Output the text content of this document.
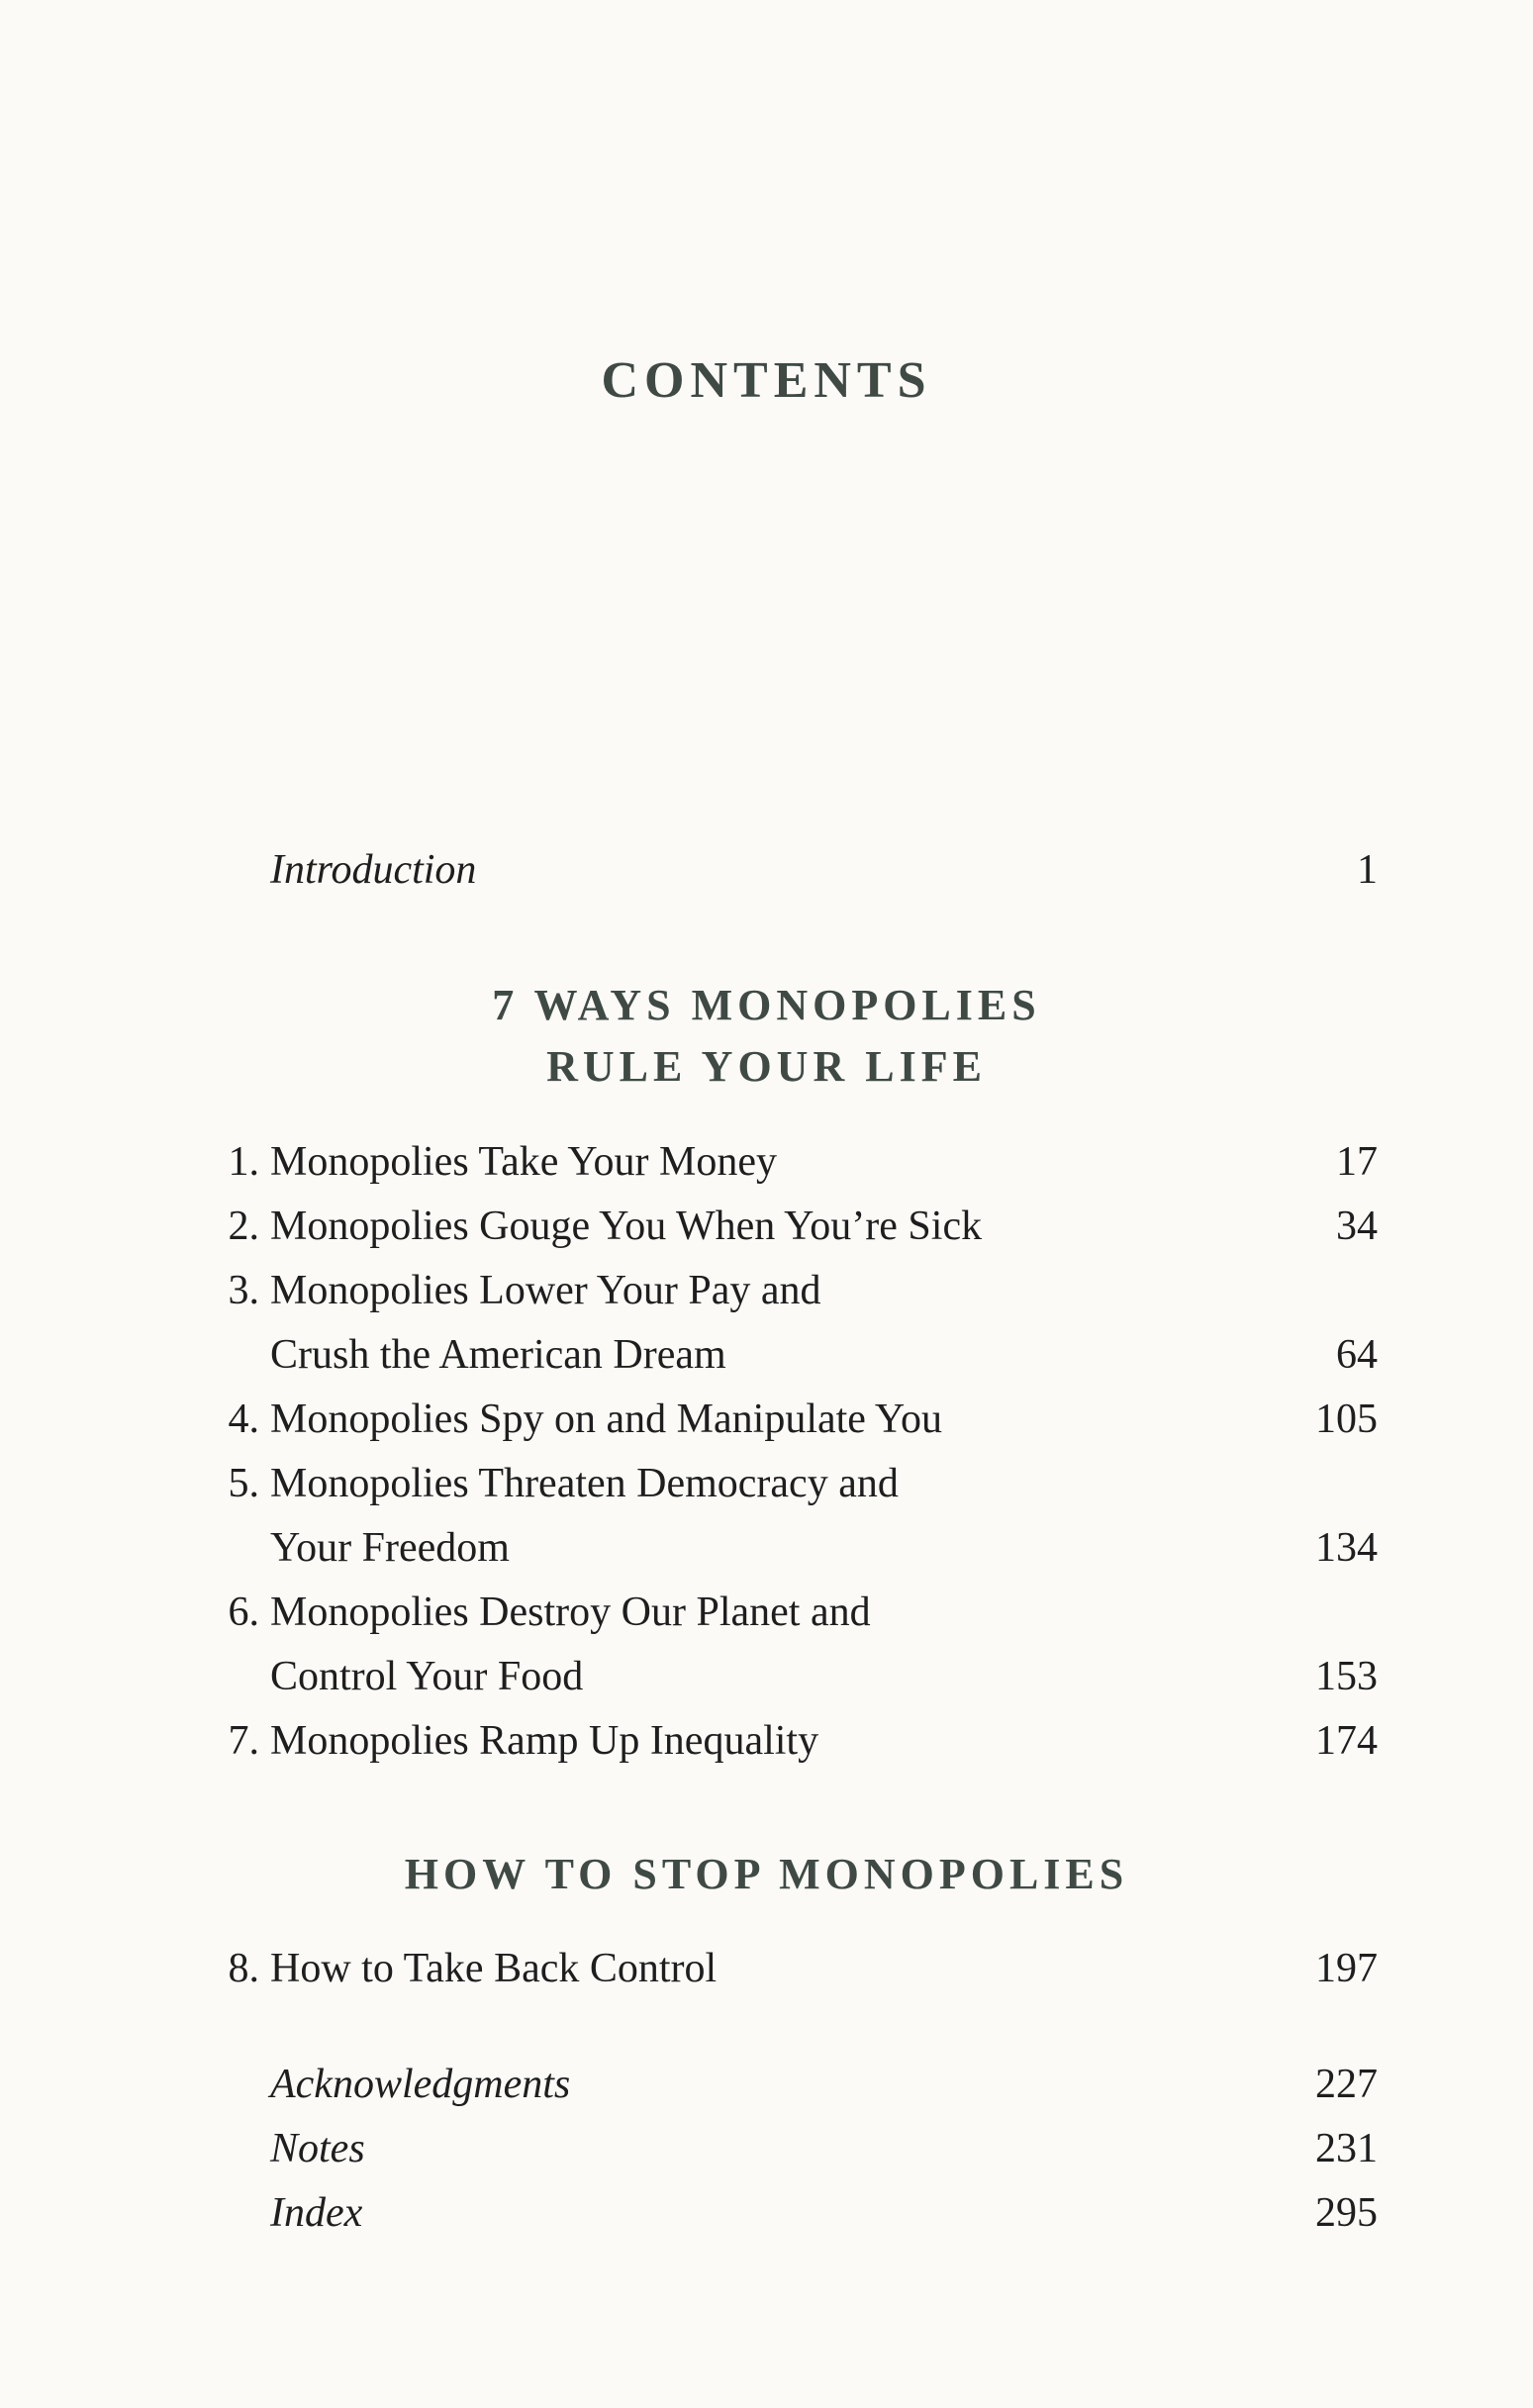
CONTENTS
Introduction	1
7 WAYS MONOPOLIES
RULE YOUR LIFE
1. Monopolies Take Your Money	17
2. Monopolies Gouge You When You’re Sick	34
3. Monopolies Lower Your Pay and
Crush the American Dream	64
4. Monopolies Spy on and Manipulate You	105
5. Monopolies Threaten Democracy and
Your Freedom	134
6. Monopolies Destroy Our Planet and
Control Your Food	153
7. Monopolies Ramp Up Inequality	174
HOW TO STOP MONOPOLIES
8. How to Take Back Control	197
Acknowledgments	227
Notes	231
Index	295
